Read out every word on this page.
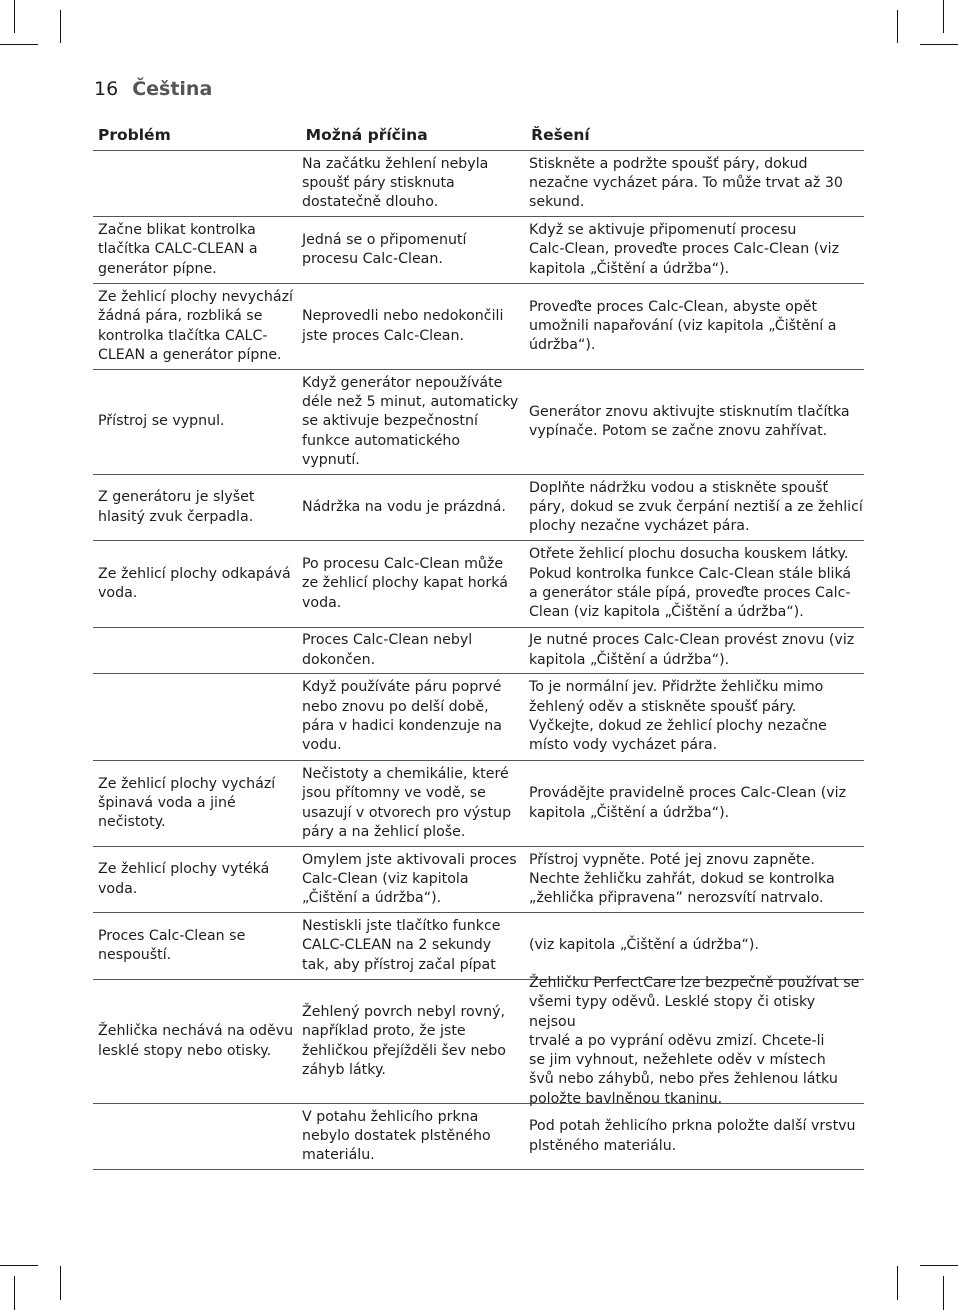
16 Čeština
Problém	Možná příčina	Řešení
Na začátku žehlení nebyla
spoušť páry stisknuta
dostatečně dlouho.
Stiskněte a podržte spoušť páry, dokud
nezačne vycházet pára. To může trvat až 30
sekund.
Začne blikat kontrolka
tlačítka CALC-CLEAN a
generátor pípne.
Jedná se o připomenutí
procesu Calc-Clean.
Když se aktivuje připomenutí procesu
Calc-Clean, proveďte proces Calc-Clean (viz
kapitola „Čištění a údržba“).
Ze žehlicí plochy nevychází
žádná pára, rozbliká se
kontrolka tlačítka CALC-
CLEAN a generátor pípne.
Neprovedli nebo nedokončili
jste proces Calc-Clean.
Proveďte proces Calc-Clean, abyste opět
umožnili napařování (viz kapitola „Čištění a
údržba“).
Přístroj se vypnul.
Když generátor nepoužíváte
déle než 5 minut, automaticky
se aktivuje bezpečnostní
funkce automatického
vypnutí.
Generátor znovu aktivujte stisknutím tlačítka
vypínače. Potom se začne znovu zahřívat.
Z generátoru je slyšet
hlasitý zvuk čerpadla.
Nádržka na vodu je prázdná.
Doplňte nádržku vodou a stiskněte spoušť
páry, dokud se zvuk čerpání neztiší a ze žehlicí
plochy nezačne vycházet pára.
Ze žehlicí plochy odkapává
voda.
Po procesu Calc-Clean může
ze žehlicí plochy kapat horká
voda.
Otřete žehlicí plochu dosucha kouskem látky.
Pokud kontrolka funkce Calc-Clean stále bliká
a generátor stále pípá, proveďte proces Calc-
Clean (viz kapitola „Čištění a údržba“).
Proces Calc-Clean nebyl
dokončen.
Je nutné proces Calc-Clean provést znovu (viz
kapitola „Čištění a údržba“).
Když používáte páru poprvé
nebo znovu po delší době,
pára v hadici kondenzuje na
vodu.
To je normální jev. Přidržte žehličku mimo
žehlený oděv a stiskněte spoušť páry.
Vyčkejte, dokud ze žehlicí plochy nezačne
místo vody vycházet pára.
Ze žehlicí plochy vychází
špinavá voda a jiné
nečistoty.
Nečistoty a chemikálie, které
jsou přítomny ve vodě, se
usazují v otvorech pro výstup
páry a na žehlicí ploše.
Provádějte pravidelně proces Calc-Clean (viz
kapitola „Čištění a údržba“).
Ze žehlicí plochy vytéká
voda.
Omylem jste aktivovali proces
Calc-Clean (viz kapitola
„Čištění a údržba“).
Přístroj vypněte. Poté jej znovu zapněte.
Nechte žehličku zahřát, dokud se kontrolka
„žehlička připravena” nerozsvítí natrvalo.
Proces Calc-Clean se
nespouští.
Nestiskli jste tlačítko funkce
CALC-CLEAN na 2 sekundy
tak, aby přístroj začal pípat
(viz kapitola „Čištění a údržba“).
Žehlička nechává na oděvu
lesklé stopy nebo otisky.
Žehlený povrch nebyl rovný,
například proto, že jste
žehličkou přejížděli šev nebo
záhyb látky.
Žehličku PerfectCare lze bezpečně používat se
všemi typy oděvů. Lesklé stopy či otisky nejsou
trvalé a po vyprání oděvu zmizí. Chcete-li
se jim vyhnout, nežehlete oděv v místech
švů nebo záhybů, nebo přes žehlenou látku
položte bavlněnou tkaninu.
V potahu žehlicího prkna
nebylo dostatek plstěného
materiálu.
Pod potah žehlicího prkna položte další vrstvu
plstěného materiálu.
